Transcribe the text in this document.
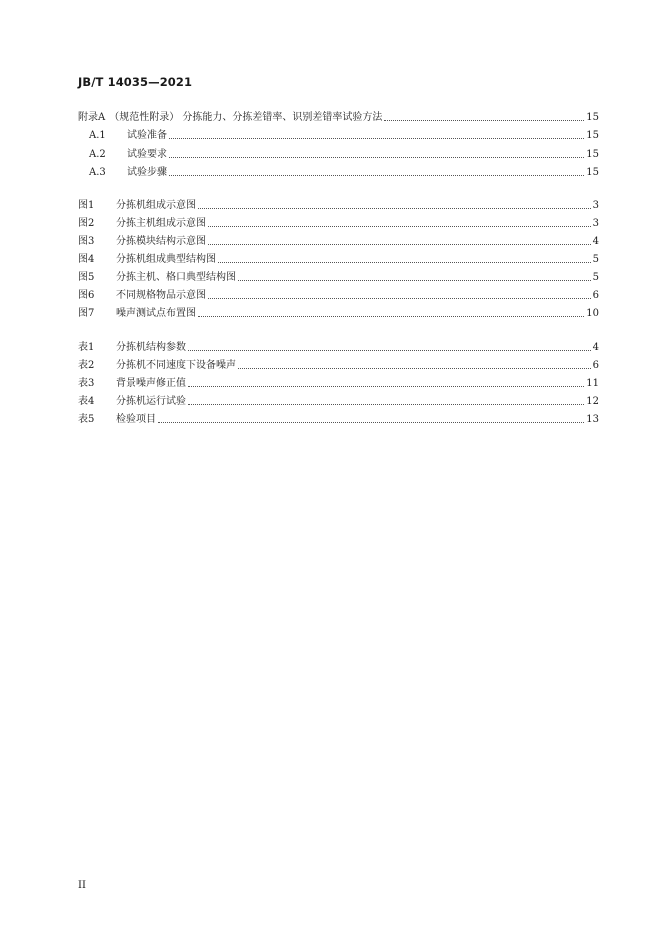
JB/T 14035—2021
附录A （规范性附录） 分拣能力、分拣差错率、识别差错率试验方法	15
A.1	试验准备	15
A.2	试验要求	15
A.3	试验步骤	15
图1	分拣机组成示意图	3
图2	分拣主机组成示意图	3
图3	分拣模块结构示意图	4
图4	分拣机组成典型结构图	5
图5	分拣主机、格口典型结构图	5
图6	不同规格物品示意图	6
图7	噪声测试点布置图	10
表1	分拣机结构参数	4
表2	分拣机不同速度下设备噪声	6
表3	背景噪声修正值	11
表4	分拣机运行试验	12
表5	检验项目	13
II
